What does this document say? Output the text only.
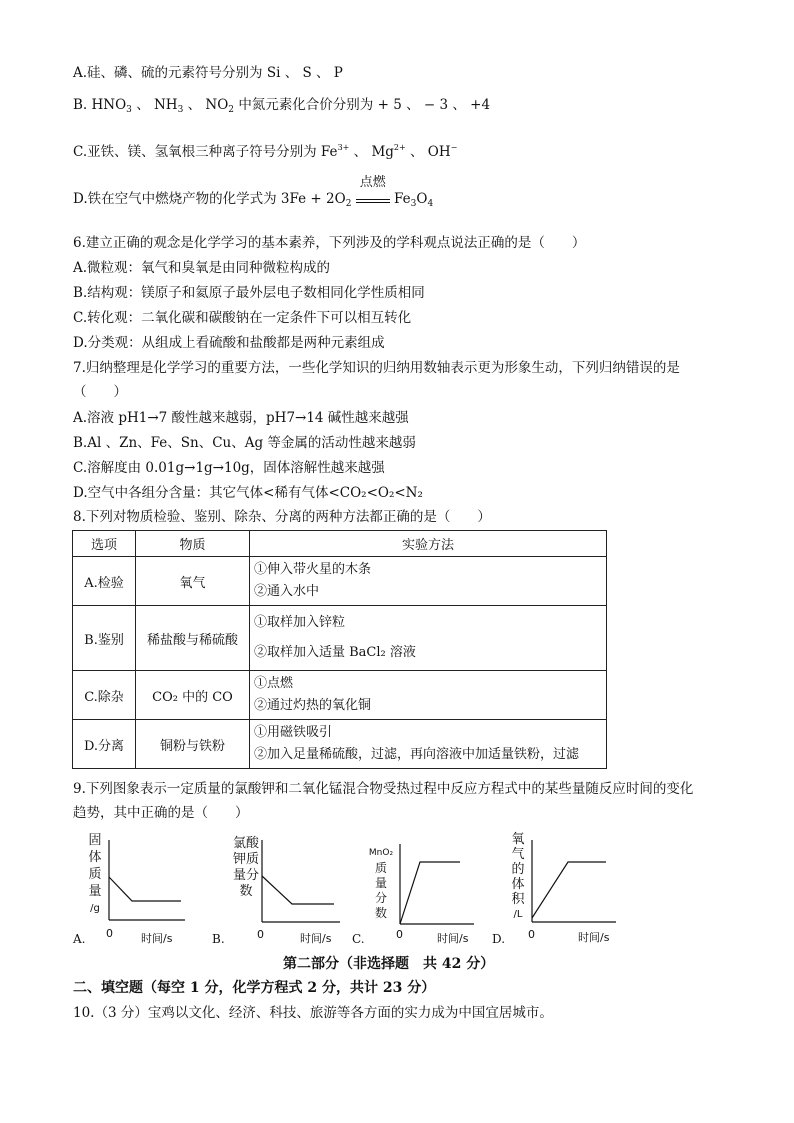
A.硅、磷、硫的元素符号分别为 Si 、 S 、 P
B. $HNO_3$ 、 $NH_3$ 、 $NO_2$ 中氮元素化合价分别为 + 5 、 − 3 、 +4
C.亚铁、镁、氢氧根三种离子符号分别为 $Fe^{3+}$ 、 $Mg^{2+}$ 、 OH−
D.铁在空气中燃烧产物的化学式为 $3Fe + 2O_2$
点燃
$Fe_3O_4$
6.建立正确的观念是化学学习的基本素养，下列涉及的学科观点说法正确的是（　　）
A.微粒观：氧气和臭氧是由同种微粒构成的
B.结构观：镁原子和氦原子最外层电子数相同化学性质相同
C.转化观：二氧化碳和碳酸钠在一定条件下可以相互转化
D.分类观：从组成上看硫酸和盐酸都是两种元素组成
7.归纳整理是化学学习的重要方法，一些化学知识的归纳用数轴表示更为形象生动，下列归纳错误的是
（　　）
A.溶液 pH1→7 酸性越来越弱，pH7→14 碱性越来越强
B.Al 、Zn、Fe、Sn、Cu、Ag 等金属的活动性越来越弱
C.溶解度由 0.01g→1g→10g，固体溶解性越来越强
D.空气中各组分含量：其它气体<稀有气体<CO₂<O₂<N₂
8.下列对物质检验、鉴别、除杂、分离的两种方法都正确的是（　　）
选项	物质	实验方法
A.检验	氧气	①伸入带火星的木条
②通入水中

B.鉴别	稀盐酸与稀硫酸	①取样加入锌粒
②取样加入适量 BaCl₂ 溶液

C.除杂	CO₂ 中的 CO	①点燃
②通过灼热的氧化铜

D.分离	铜粉与铁粉	①用磁铁吸引
②加入足量稀硫酸，过滤，再向溶液中加适量铁粉，过滤
9.下列图象表示一定质量的氯酸钾和二氧化锰混合物受热过程中反应方程式中的某些量随反应时间的变化
趋势，其中正确的是（　　）
固
体
质
量
/g
A. 0	时间/s
氯酸
钾质
量分
数
B.	0	时间/s
MnO₂
质
量
分
数
C.	0	时间/s
氧
气
的
体
积
/L
D. 0	时间/s
第二部分（非选择题　共 42 分）
二、填空题（每空 1 分，化学方程式 2 分，共计 23 分）
10.（3 分）宝鸡以文化、经济、科技、旅游等各方面的实力成为中国宜居城市。
